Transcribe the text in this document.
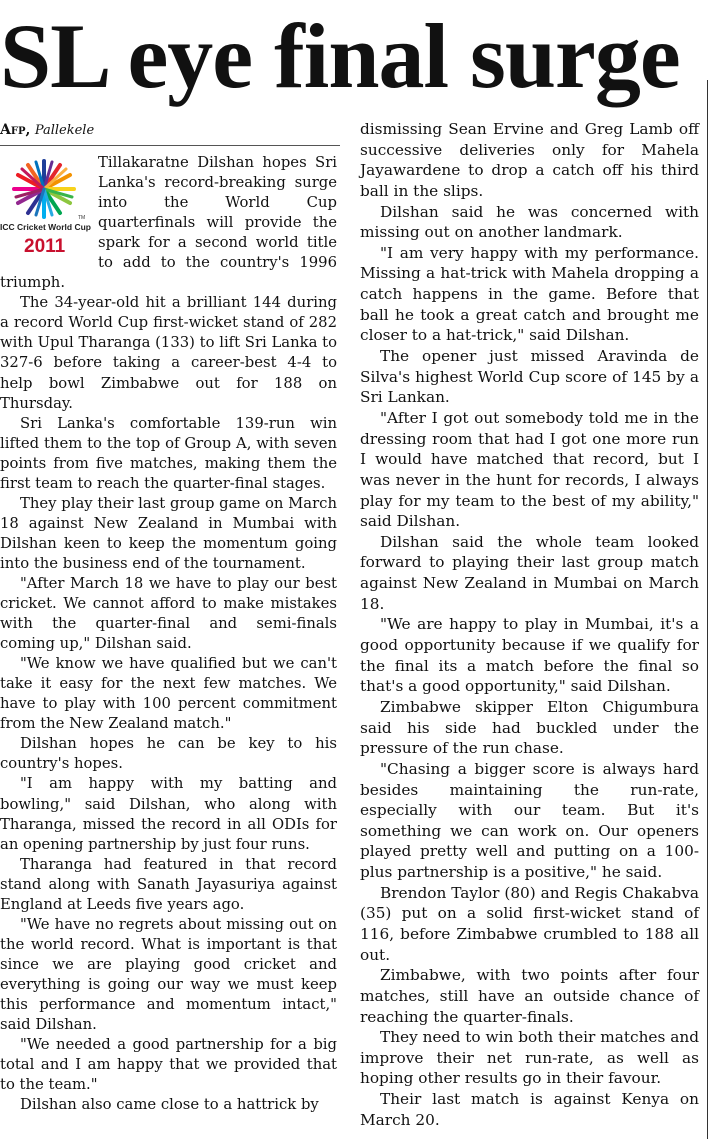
SL eye final surge
Afp, Pallekele
TM
ICC Cricket World Cup
2011

Tillakaratne Dilshan hopes Sri Lanka's record-breaking surge into the World Cup quarterfinals will provide the spark for a second world title to add to the country's 1996 triumph.

The 34-year-old hit a brilliant 144 during a record World Cup first-wicket stand of 282 with Upul Tharanga (133) to lift Sri Lanka to 327-6 before taking a career-best 4-4 to help bowl Zimbabwe out for 188 on Thursday.

Sri Lanka's comfortable 139-run win lifted them to the top of Group A, with seven points from five matches, making them the first team to reach the quarter-final stages.

They play their last group game on March 18 against New Zealand in Mumbai with Dilshan keen to keep the momentum going into the business end of the tournament.

"After March 18 we have to play our best cricket. We cannot afford to make mistakes with the quarter-final and semi-finals coming up," Dilshan said.

"We know we have qualified but we can't take it easy for the next few matches. We have to play with 100 percent commitment from the New Zealand match."

Dilshan hopes he can be key to his country's hopes.

"I am happy with my batting and bowling," said Dilshan, who along with Tharanga, missed the record in all ODIs for an opening partnership by just four runs.

Tharanga had featured in that record stand along with Sanath Jayasuriya against England at Leeds five years ago.

"We have no regrets about missing out on the world record. What is important is that since we are playing good cricket and everything is going our way we must keep this performance and momentum intact," said Dilshan.

"We needed a good partnership for a big total and I am happy that we provided that to the team."

Dilshan also came close to a hattrick by

dismissing Sean Ervine and Greg Lamb off successive deliveries only for Mahela Jayawardene to drop a catch off his third ball in the slips.

Dilshan said he was concerned with missing out on another landmark.

"I am very happy with my performance. Missing a hat-trick with Mahela dropping a catch happens in the game. Before that ball he took a great catch and brought me closer to a hat-trick," said Dilshan.

The opener just missed Aravinda de Silva's highest World Cup score of 145 by a Sri Lankan.

"After I got out somebody told me in the dressing room that had I got one more run I would have matched that record, but I was never in the hunt for records, I always play for my team to the best of my ability," said Dilshan.

Dilshan said the whole team looked forward to playing their last group match against New Zealand in Mumbai on March 18.

"We are happy to play in Mumbai, it's a good opportunity because if we qualify for the final its a match before the final so that's a good opportunity," said Dilshan.

Zimbabwe skipper Elton Chigumbura said his side had buckled under the pressure of the run chase.

"Chasing a bigger score is always hard besides maintaining the run-rate, especially with our team. But it's something we can work on. Our openers played pretty well and putting on a 100-plus partnership is a positive," he said.

Brendon Taylor (80) and Regis Chakabva (35) put on a solid first-wicket stand of 116, before Zimbabwe crumbled to 188 all out.

Zimbabwe, with two points after four matches, still have an outside chance of reaching the quarter-finals.

They need to win both their matches and improve their net run-rate, as well as hoping other results go in their favour.

Their last match is against Kenya on March 20.
